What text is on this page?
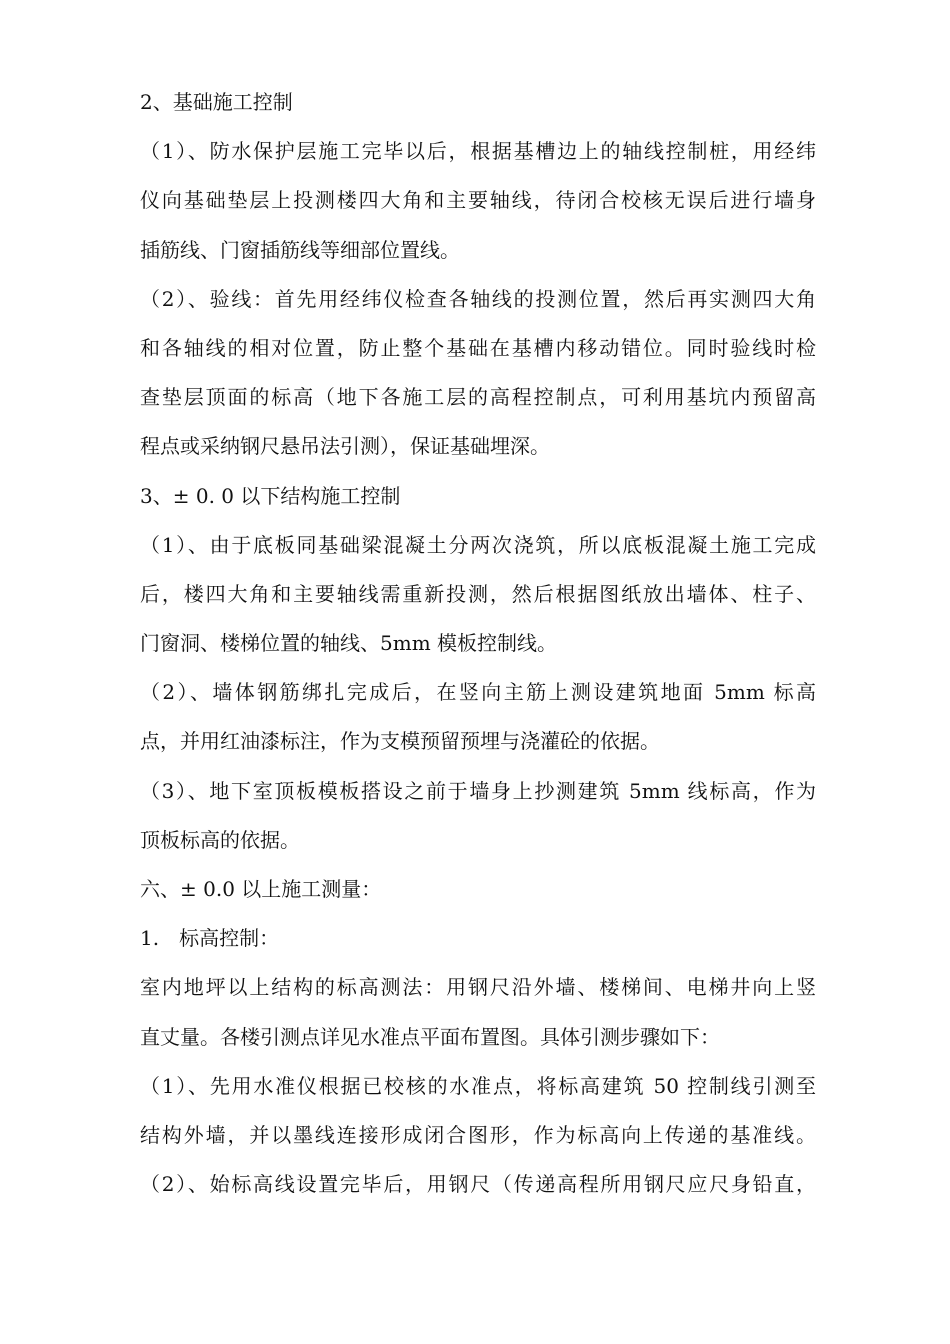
2、基础施工控制
（1）、防水保护层施工完毕以后，根据基槽边上的轴线控制桩，用经纬
仪向基础垫层上投测楼四大角和主要轴线，待闭合校核无误后进行墙身
插筋线、门窗插筋线等细部位置线。
（2）、验线：首先用经纬仪检查各轴线的投测位置，然后再实测四大角
和各轴线的相对位置，防止整个基础在基槽内移动错位。同时验线时检
查垫层顶面的标高（地下各施工层的高程控制点，可利用基坑内预留高
程点或采纳钢尺悬吊法引测），保证基础埋深。
3、± 0. 0 以下结构施工控制
（1）、由于底板同基础梁混凝土分两次浇筑，所以底板混凝土施工完成
后，楼四大角和主要轴线需重新投测，然后根据图纸放出墙体、柱子、
门窗洞、楼梯位置的轴线、5mm 模板控制线。
（2）、墙体钢筋绑扎完成后，在竖向主筋上测设建筑地面 5mm 标高
点，并用红油漆标注，作为支模预留预埋与浇灌砼的依据。
（3）、地下室顶板模板搭设之前于墙身上抄测建筑 5mm 线标高，作为
顶板标高的依据。
六、± 0.0 以上施工测量：
1.　标高控制：
室内地坪以上结构的标高测法：用钢尺沿外墙、楼梯间、电梯井向上竖
直丈量。各楼引测点详见水准点平面布置图。具体引测步骤如下：
（1）、先用水准仪根据已校核的水准点，将标高建筑 50 控制线引测至
结构外墙，并以墨线连接形成闭合图形，作为标高向上传递的基准线。
（2）、始标高线设置完毕后，用钢尺（传递高程所用钢尺应尺身铅直，
